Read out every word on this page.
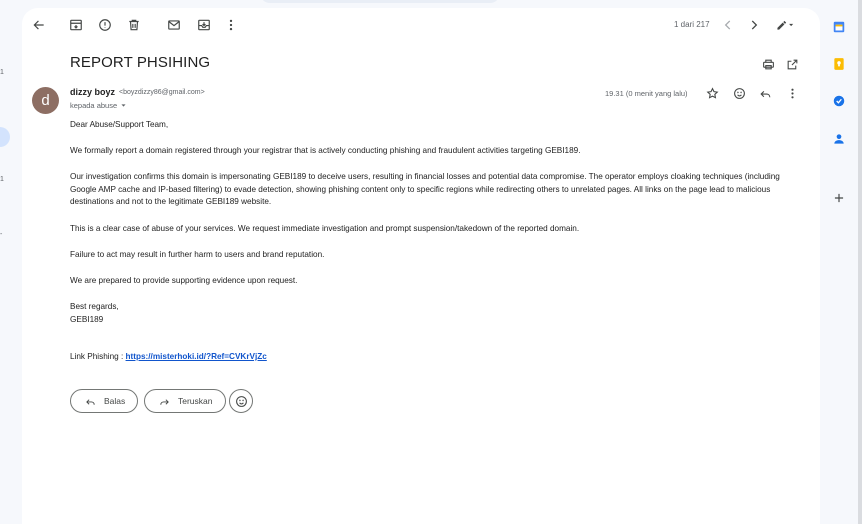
1
1
-
1 dari 217
REPORT PHSIHING
d	dizzy boyz <boyzdizzy86@gmail.com>
kepada abuse
19.31 (0 menit yang lalu)
Dear Abuse/Support Team,
We formally report a domain registered through your registrar that is actively conducting phishing and fraudulent activities targeting GEBI189.
Our investigation confirms this domain is impersonating GEBI189 to deceive users, resulting in financial losses and potential data compromise. The operator employs cloaking techniques (including Google AMP cache and IP-based filtering) to evade detection, showing phishing content only to specific regions while redirecting others to unrelated pages. All links on the page lead to malicious destinations and not to the legitimate GEBI189 website.
This is a clear case of abuse of your services. We request immediate investigation and prompt suspension/takedown of the reported domain.
Failure to act may result in further harm to users and brand reputation.
We are prepared to provide supporting evidence upon request.
Best regards,
GEBI189
Link Phishing : https://misterhoki.id/?Ref=CVKrVjZc
Balas	Teruskan
